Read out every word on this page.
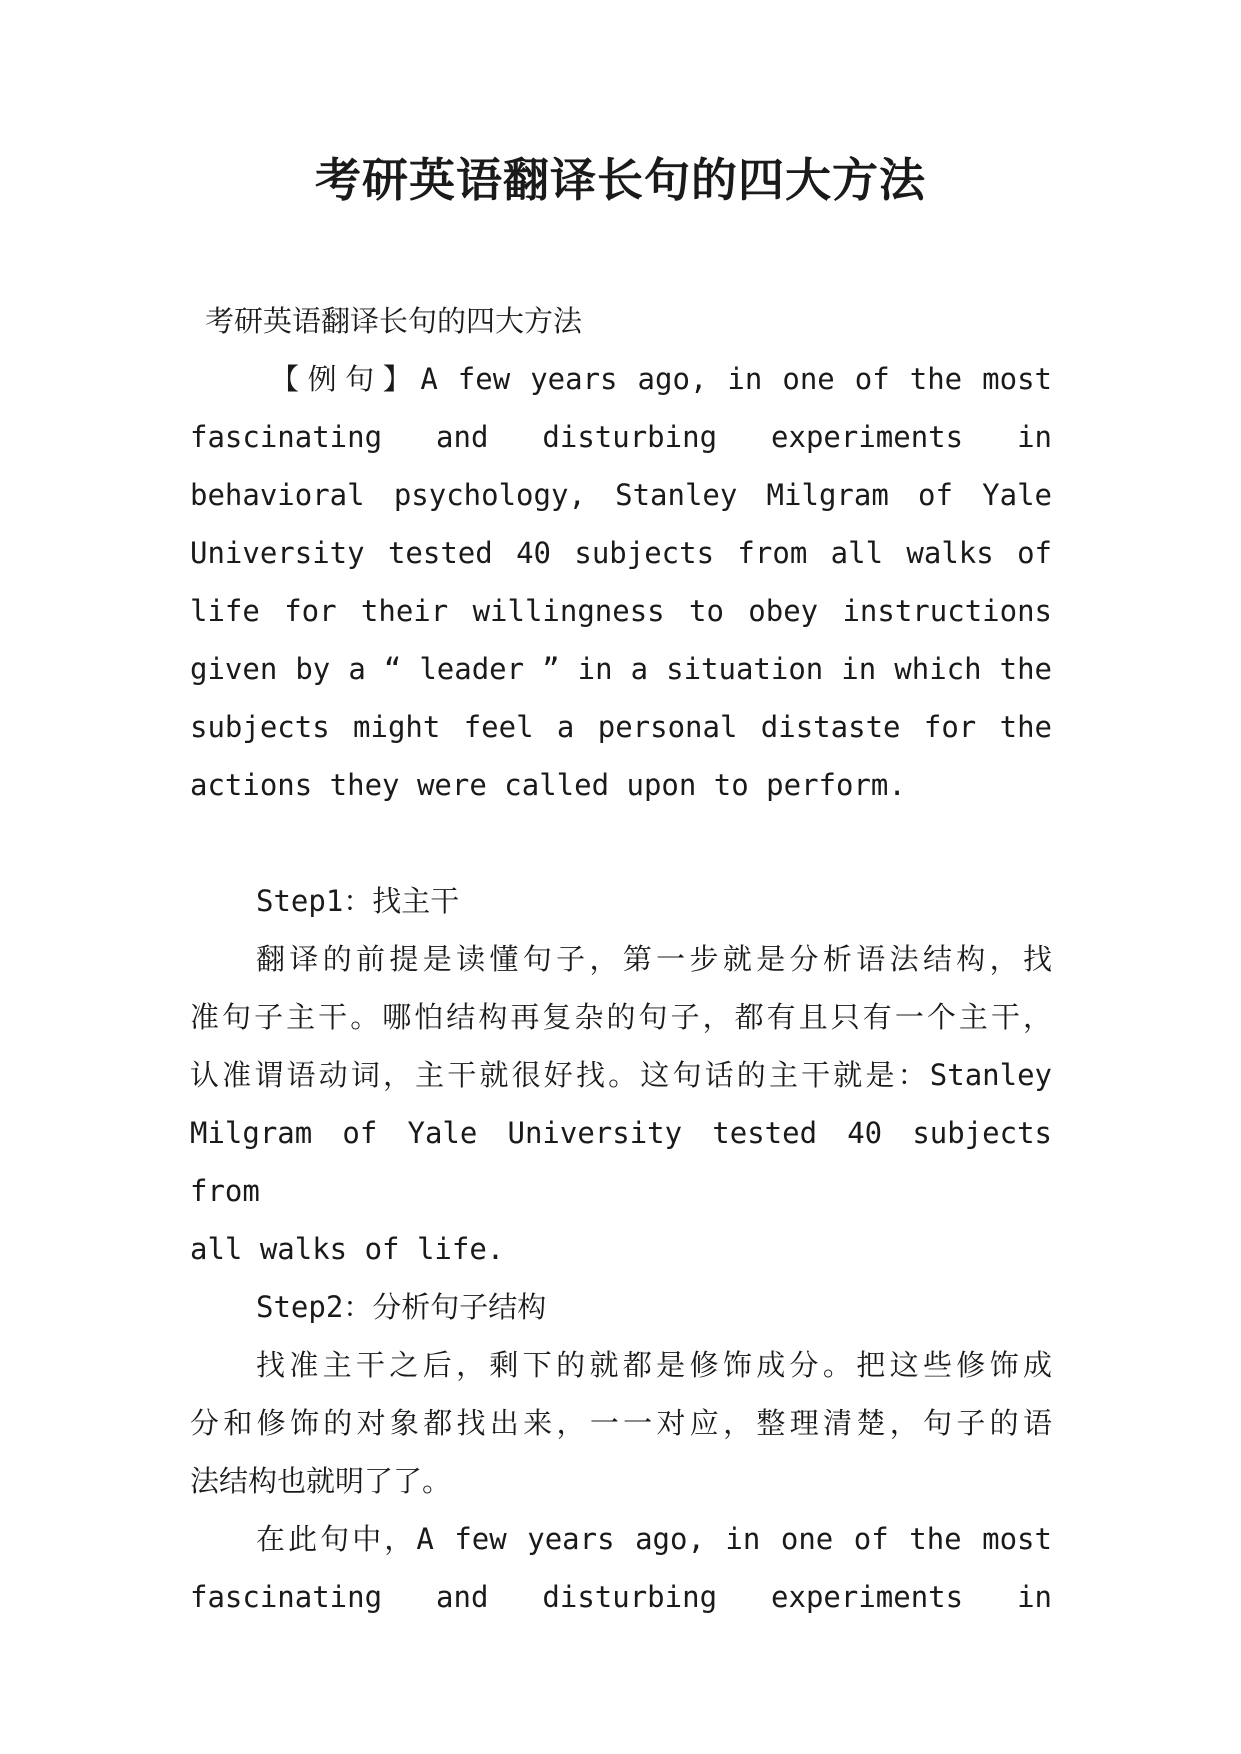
考研英语翻译长句的四大方法
考研英语翻译长句的四大方法
【例句】A few years ago, in one of the most
fascinating and disturbing experiments in
behavioral psychology, Stanley Milgram of Yale
University tested 40 subjects from all walks of
life for their willingness to obey instructions
given by a “ leader ” in a situation in which the
subjects might feel a personal distaste for the
actions they were called upon to perform.
Step1：找主干
翻译的前提是读懂句子，第一步就是分析语法结构，找
准句子主干。哪怕结构再复杂的句子，都有且只有一个主干，
认准谓语动词，主干就很好找。这句话的主干就是：Stanley
Milgram of Yale University tested 40 subjects from
all walks of life.
Step2：分析句子结构
找准主干之后，剩下的就都是修饰成分。把这些修饰成
分和修饰的对象都找出来，一一对应，整理清楚，句子的语
法结构也就明了了。
在此句中，A few years ago, in one of the most
fascinating and disturbing experiments in
